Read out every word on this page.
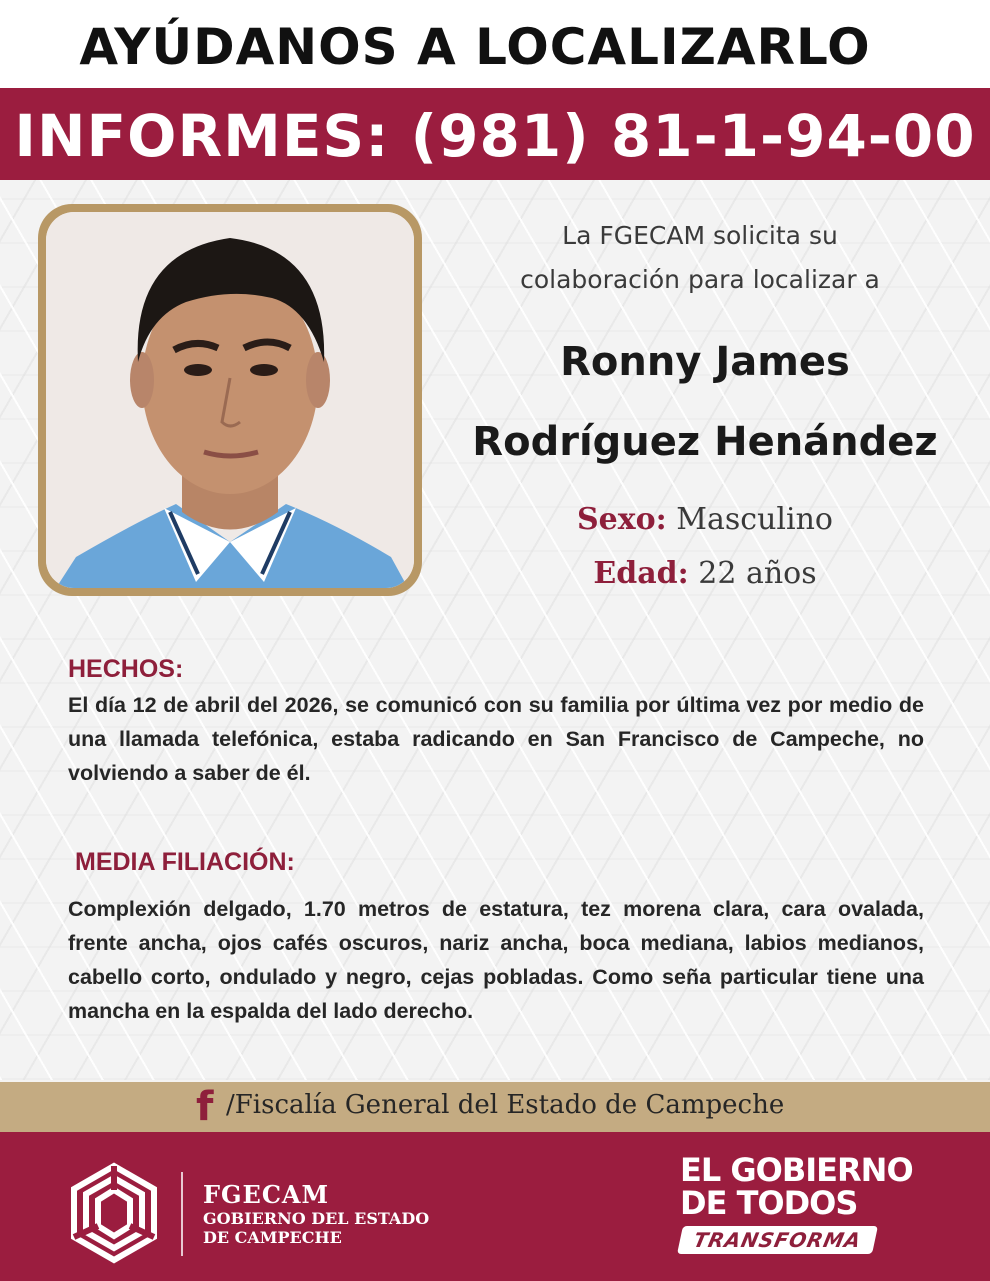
AYÚDANOS A LOCALIZARLO
INFORMES: (981) 81-1-94-00
La FGECAM solicita su
colaboración para localizar a
Ronny James
Rodríguez Henández
Sexo: Masculino
Edad: 22 años
HECHOS:
El día 12 de abril del 2026, se comunicó con su familia por última vez por medio de una llamada telefónica, estaba radicando en San Francisco de Campeche, no volviendo a saber de él.
MEDIA FILIACIÓN:
Complexión delgado, 1.70 metros de estatura, tez morena clara, cara ovalada, frente ancha, ojos cafés oscuros, nariz ancha, boca mediana, labios medianos, cabello corto, ondulado y negro, cejas pobladas. Como seña particular tiene una mancha en la espalda del lado derecho.
f /Fiscalía General del Estado de Campeche
FGECAM
GOBIERNO DEL ESTADO
DE CAMPECHE
EL GOBIERNO
DE TODOS
TRANSFORMA
